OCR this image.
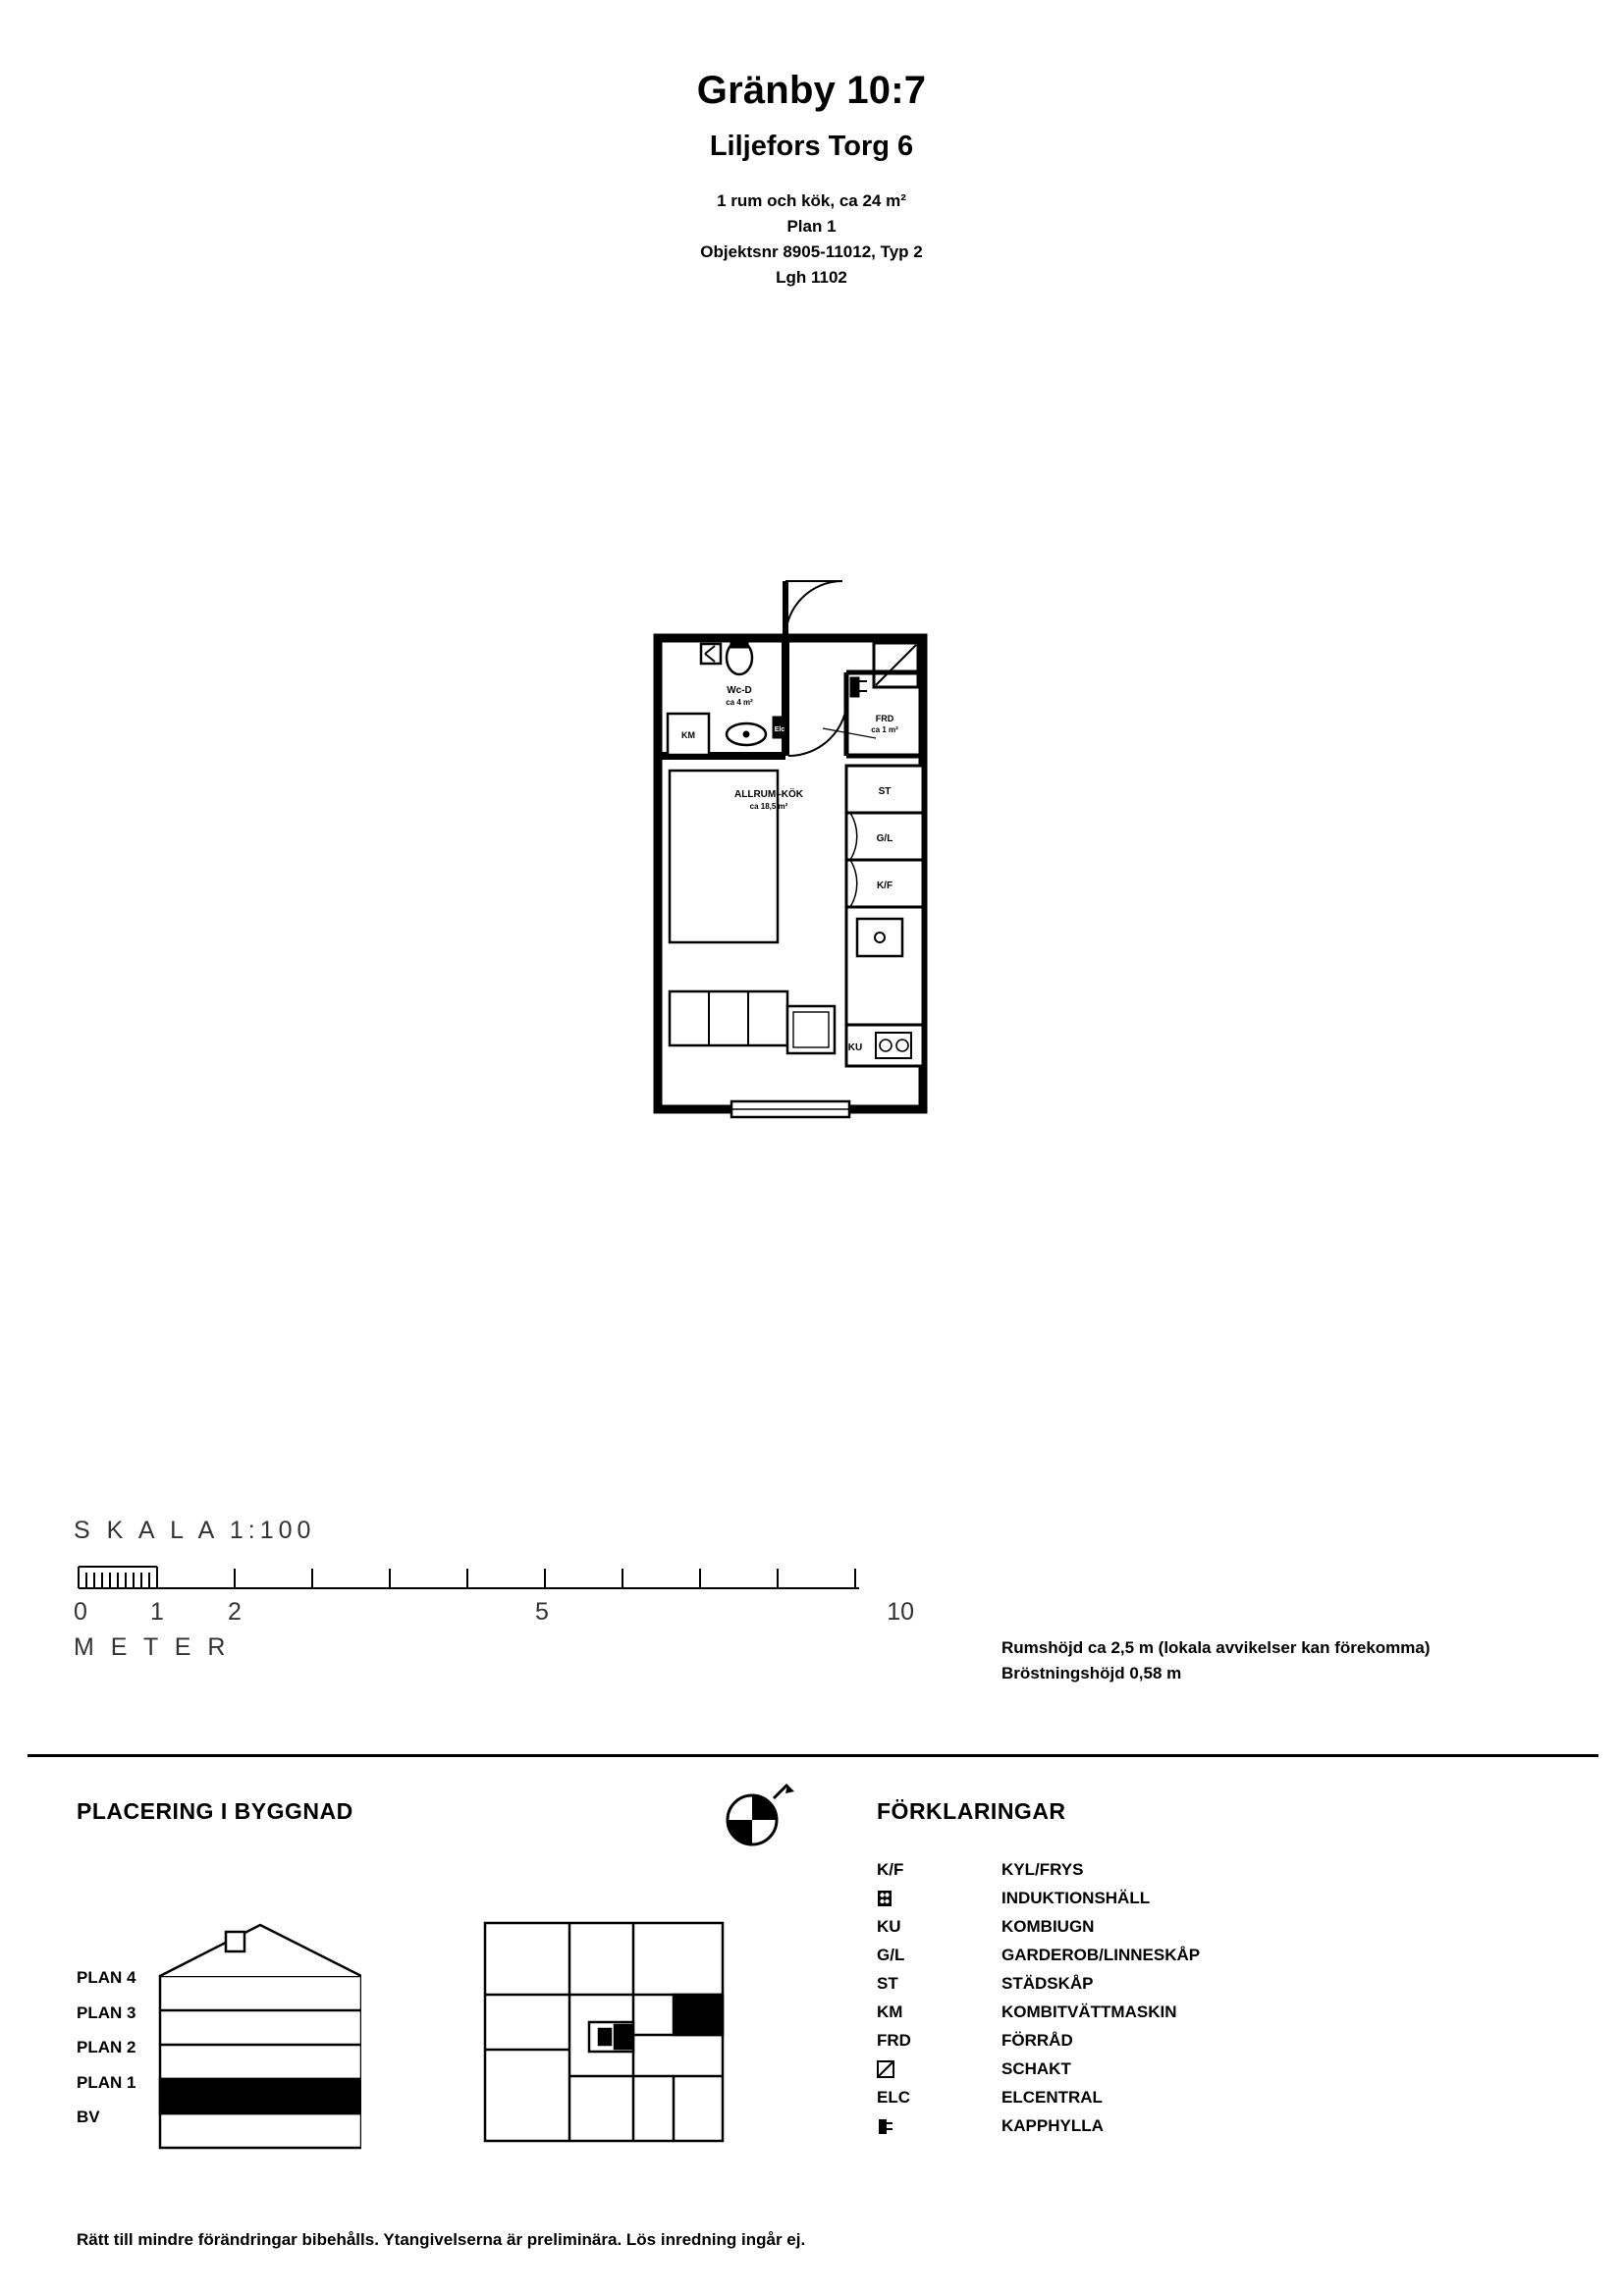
Gränby 10:7
Liljefors Torg 6
1 rum och kök, ca 24 m²
Plan 1
Objektsnr 8905-11012, Typ 2
Lgh 1102
Wc-D
ca 4 m²
ALLRUM–KÖK
ca 18,5 m²
FRD
ca 1 m²
KM
Elc
ST
G/L
K/F
KU
S K A L A 1:100
0	1	2	5	10
M E T E R	Rumshöjd ca 2,5 m (lokala avvikelser kan förekomma)
Bröstningshöjd 0,58 m
PLACERING I BYGGNAD	FÖRKLARINGAR
PLAN 4
PLAN 3
PLAN 2
PLAN 1
BV
K/F	KYL/FRYS
INDUKTIONSHÄLL
KU	KOMBIUGN
G/L	GARDEROB/LINNESKÅP
ST	STÄDSKÅP
KM	KOMBITVÄTTMASKIN
FRD	FÖRRÅD
SCHAKT
ELC	ELCENTRAL
KAPPHYLLA
Rätt till mindre förändringar bibehålls. Ytangivelserna är preliminära. Lös inredning ingår ej.
